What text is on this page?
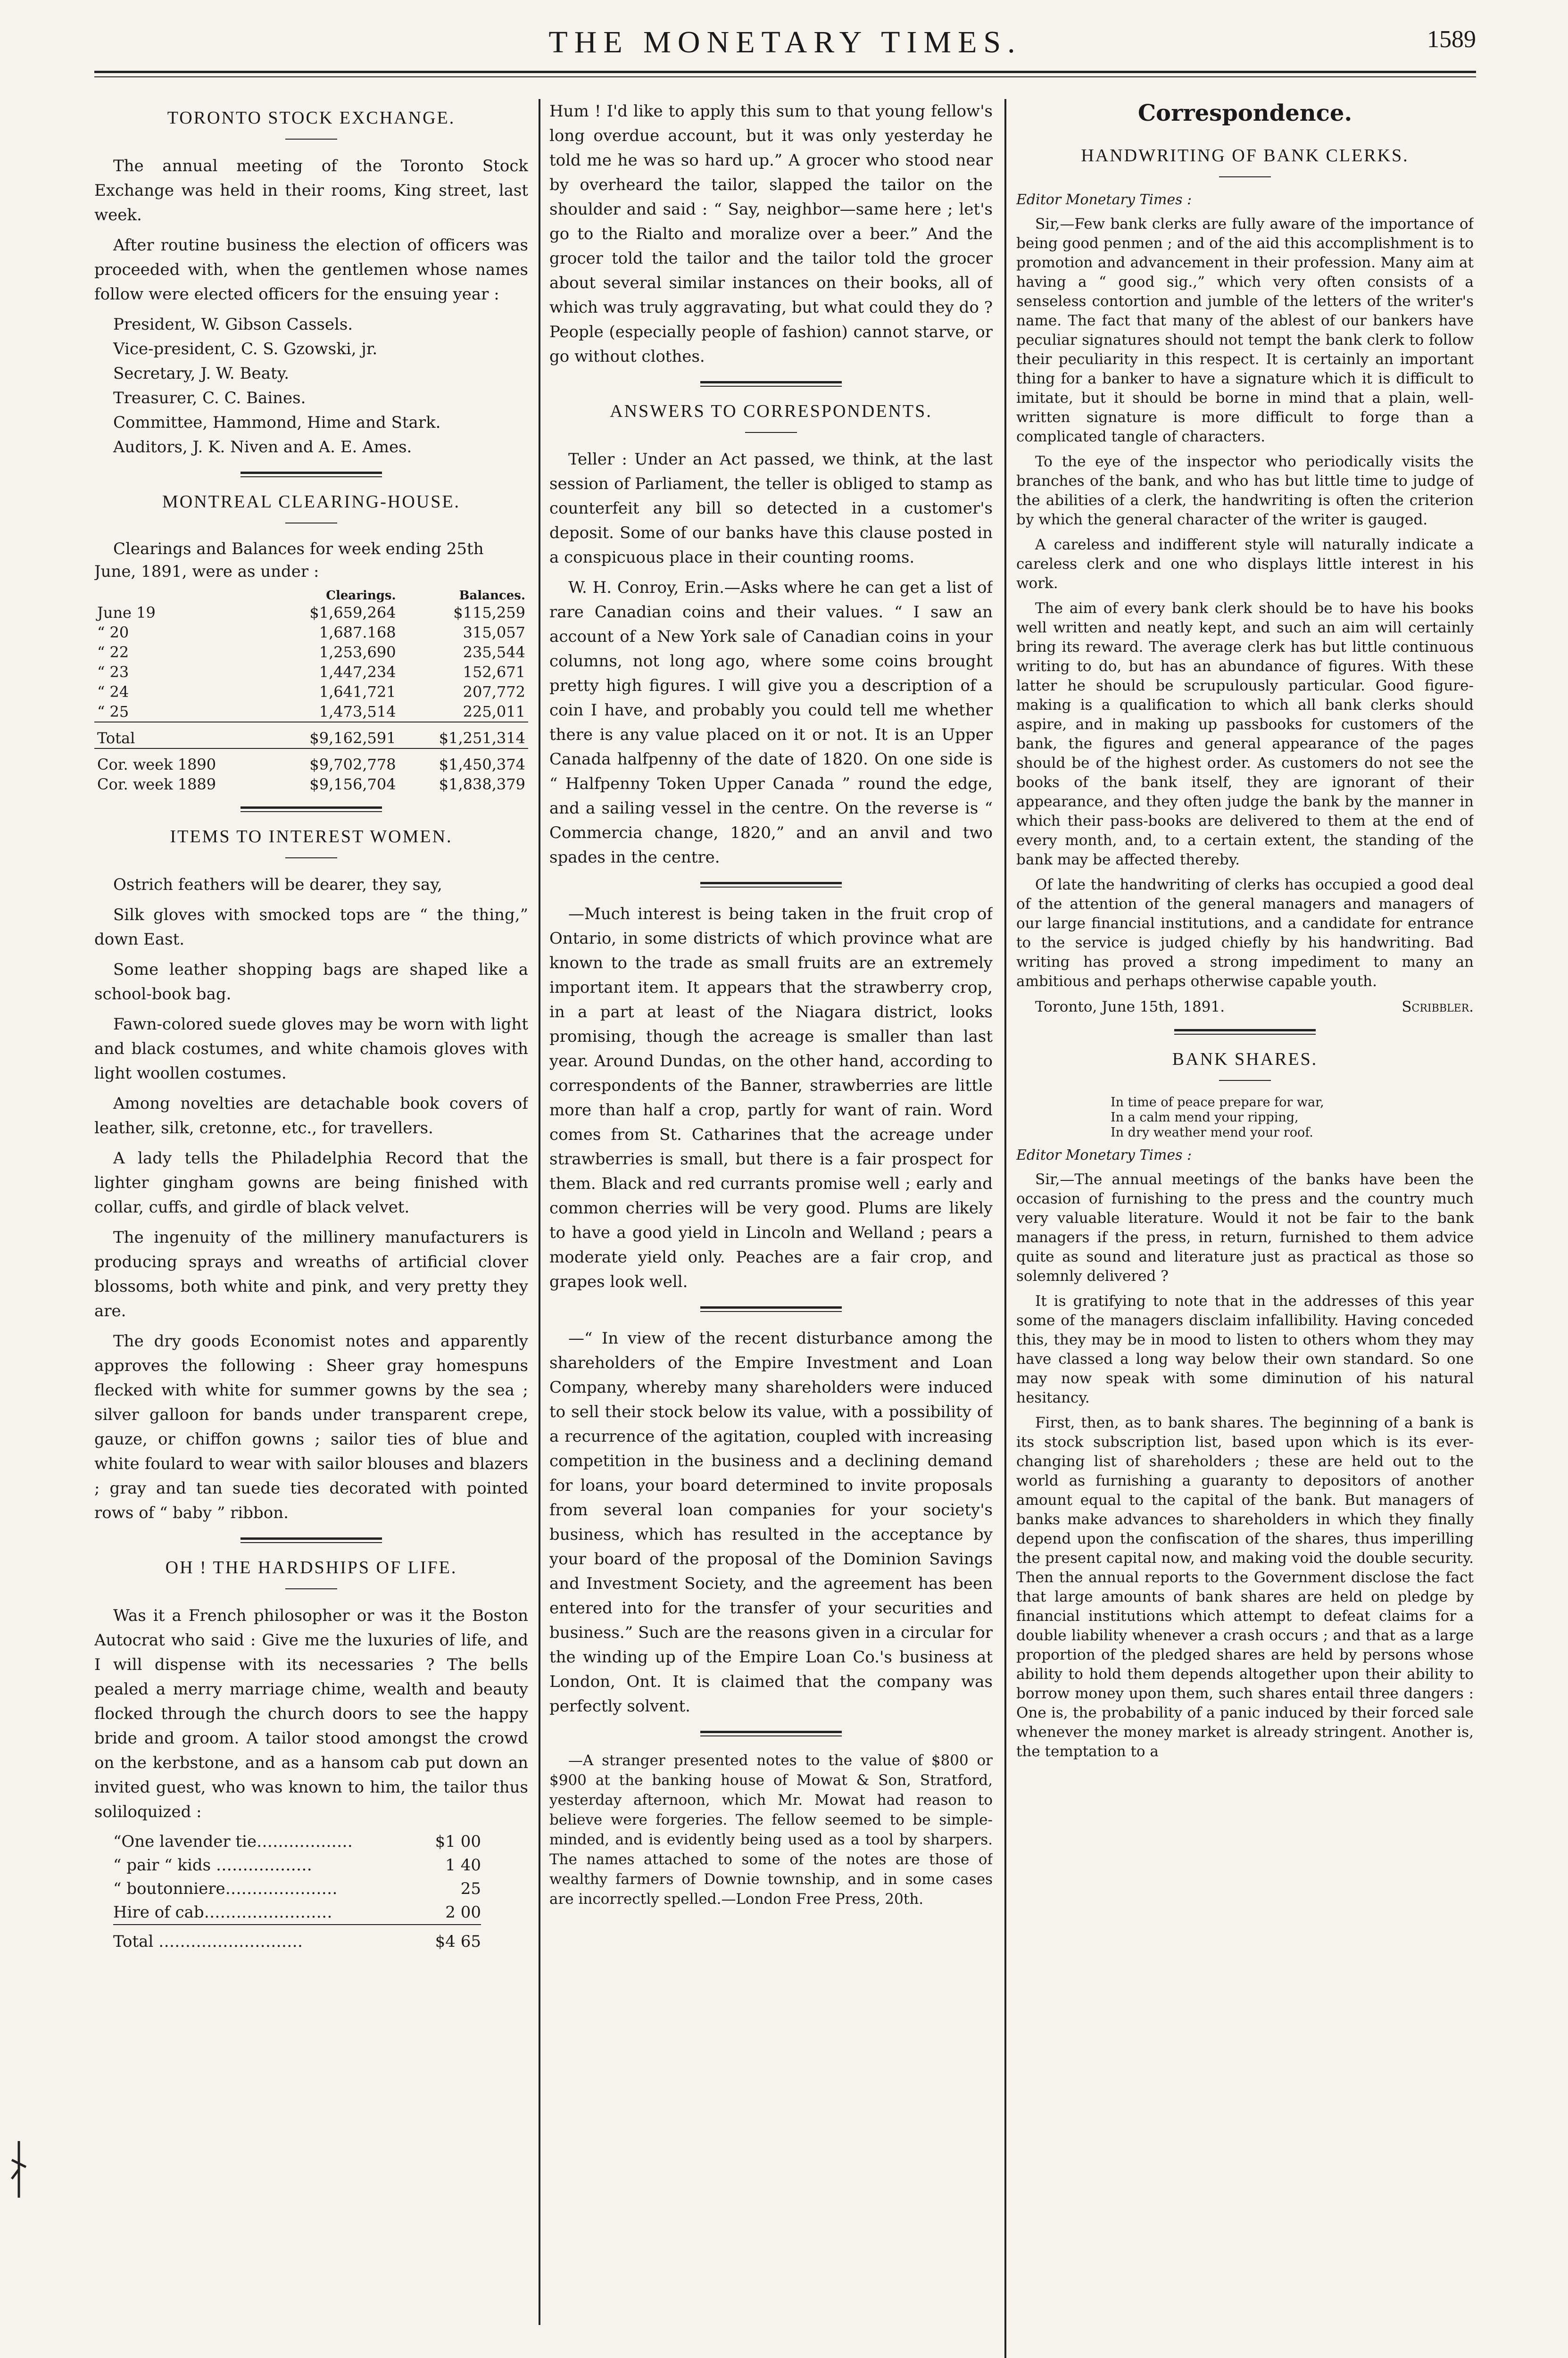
THE MONETARY TIMES.	1589
TORONTO STOCK EXCHANGE.

The annual meeting of the Toronto Stock Exchange was held in their rooms, King street, last week.

After routine business the election of officers was proceeded with, when the gentlemen whose names follow were elected officers for the ensuing year :

President, W. Gibson Cassels.
Vice-president, C. S. Gzowski, jr.
Secretary, J. W. Beaty.
Treasurer, C. C. Baines.
Committee, Hammond, Hime and Stark.
Auditors, J. K. Niven and A. E. Ames.
MONTREAL CLEARING-HOUSE.
Clearings and Balances for week ending 25th June, 1891, were as under :
	Clearings.	Balances.
June 19	$1,659,264	$115,259
“ 20	1,687.168	315,057
“ 22	1,253,690	235,544
“ 23	1,447,234	152,671
“ 24	1,641,721	207,772
“ 25	1,473,514	225,011
Total	$9,162,591	$1,251,314
Cor. week 1890	$9,702,778	$1,450,374
Cor. week 1889	$9,156,704	$1,838,379
ITEMS TO INTEREST WOMEN.

Ostrich feathers will be dearer, they say,

Silk gloves with smocked tops are “ the thing,” down East.

Some leather shopping bags are shaped like a school-book bag.

Fawn-colored suede gloves may be worn with light and black costumes, and white chamois gloves with light woollen costumes.

Among novelties are detachable book covers of leather, silk, cretonne, etc., for travellers.

A lady tells the Philadelphia Record that the lighter gingham gowns are being finished with collar, cuffs, and girdle of black velvet.

The ingenuity of the millinery manufacturers is producing sprays and wreaths of artificial clover blossoms, both white and pink, and very pretty they are.

The dry goods Economist notes and apparently approves the following : Sheer gray homespuns flecked with white for summer gowns by the sea ; silver galloon for bands under transparent crepe, gauze, or chiffon gowns ; sailor ties of blue and white foulard to wear with sailor blouses and blazers ; gray and tan suede ties decorated with pointed rows of “ baby ” ribbon.

OH ! THE HARDSHIPS OF LIFE.

Was it a French philosopher or was it the Boston Autocrat who said : Give me the luxuries of life, and I will dispense with its necessaries ? The bells pealed a merry marriage chime, wealth and beauty flocked through the church doors to see the happy bride and groom. A tailor stood amongst the crowd on the kerbstone, and as a hansom cab put down an invited guest, who was known to him, the tailor thus soliloquized :

“One lavender tie………………	$1 00
“ pair “ kids ………………	1 40
“ boutonniere…………………	25
Hire of cab……………………	2 00
Total ………………………	$4 65

Hum ! I'd like to apply this sum to that young fellow's long overdue account, but it was only yesterday he told me he was so hard up.” A grocer who stood near by overheard the tailor, slapped the tailor on the shoulder and said : “ Say, neighbor—same here ; let's go to the Rialto and moralize over a beer.” And the grocer told the tailor and the tailor told the grocer about several similar instances on their books, all of which was truly aggravating, but what could they do ? People (especially people of fashion) cannot starve, or go without clothes.

ANSWERS TO CORRESPONDENTS.

Teller : Under an Act passed, we think, at the last session of Parliament, the teller is obliged to stamp as counterfeit any bill so detected in a customer's deposit. Some of our banks have this clause posted in a conspicuous place in their counting rooms.

W. H. Conroy, Erin.—Asks where he can get a list of rare Canadian coins and their values. “ I saw an account of a New York sale of Canadian coins in your columns, not long ago, where some coins brought pretty high figures. I will give you a description of a coin I have, and probably you could tell me whether there is any value placed on it or not. It is an Upper Canada halfpenny of the date of 1820. On one side is “ Halfpenny Token Upper Canada ” round the edge, and a sailing vessel in the centre. On the reverse is “ Commercia change, 1820,” and an anvil and two spades in the centre.

—Much interest is being taken in the fruit crop of Ontario, in some districts of which province what are known to the trade as small fruits are an extremely important item. It appears that the strawberry crop, in a part at least of the Niagara district, looks promising, though the acreage is smaller than last year. Around Dundas, on the other hand, according to correspondents of the Banner, strawberries are little more than half a crop, partly for want of rain. Word comes from St. Catharines that the acreage under strawberries is small, but there is a fair prospect for them. Black and red currants promise well ; early and common cherries will be very good. Plums are likely to have a good yield in Lincoln and Welland ; pears a moderate yield only. Peaches are a fair crop, and grapes look well.

—“ In view of the recent disturbance among the shareholders of the Empire Investment and Loan Company, whereby many shareholders were induced to sell their stock below its value, with a possibility of a recurrence of the agitation, coupled with increasing competition in the business and a declining demand for loans, your board determined to invite proposals from several loan companies for your society's business, which has resulted in the acceptance by your board of the proposal of the Dominion Savings and Investment Society, and the agreement has been entered into for the transfer of your securities and business.” Such are the reasons given in a circular for the winding up of the Empire Loan Co.'s business at London, Ont. It is claimed that the company was perfectly solvent.

—A stranger presented notes to the value of $800 or $900 at the banking house of Mowat & Son, Stratford, yesterday afternoon, which Mr. Mowat had reason to believe were forgeries. The fellow seemed to be simple-minded, and is evidently being used as a tool by sharpers. The names attached to some of the notes are those of wealthy farmers of Downie township, and in some cases are incorrectly spelled.—London Free Press, 20th.

Correspondence.
HANDWRITING OF BANK CLERKS.
Editor Monetary Times :

Sir,—Few bank clerks are fully aware of the importance of being good penmen ; and of the aid this accomplishment is to promotion and advancement in their profession. Many aim at having a “ good sig.,” which very often consists of a senseless contortion and jumble of the letters of the writer's name. The fact that many of the ablest of our bankers have peculiar signatures should not tempt the bank clerk to follow their peculiarity in this respect. It is certainly an important thing for a banker to have a signature which it is difficult to imitate, but it should be borne in mind that a plain, well-written signature is more difficult to forge than a complicated tangle of characters.

To the eye of the inspector who periodically visits the branches of the bank, and who has but little time to judge of the abilities of a clerk, the handwriting is often the criterion by which the general character of the writer is gauged.

A careless and indifferent style will naturally indicate a careless clerk and one who displays little interest in his work.

The aim of every bank clerk should be to have his books well written and neatly kept, and such an aim will certainly bring its reward. The average clerk has but little continuous writing to do, but has an abundance of figures. With these latter he should be scrupulously particular. Good figure-making is a qualification to which all bank clerks should aspire, and in making up passbooks for customers of the bank, the figures and general appearance of the pages should be of the highest order. As customers do not see the books of the bank itself, they are ignorant of their appearance, and they often judge the bank by the manner in which their pass-books are delivered to them at the end of every month, and, to a certain extent, the standing of the bank may be affected thereby.

Of late the handwriting of clerks has occupied a good deal of the attention of the general managers and managers of our large financial institutions, and a candidate for entrance to the service is judged chiefly by his handwriting. Bad writing has proved a strong impediment to many an ambitious and perhaps otherwise capable youth.

Toronto, June 15th, 1891.	Scribbler.
BANK SHARES.
In time of peace prepare for war,
In a calm mend your ripping,
In dry weather mend your roof.
Editor Monetary Times :

Sir,—The annual meetings of the banks have been the occasion of furnishing to the press and the country much very valuable literature. Would it not be fair to the bank managers if the press, in return, furnished to them advice quite as sound and literature just as practical as those so solemnly delivered ?

It is gratifying to note that in the addresses of this year some of the managers disclaim infallibility. Having conceded this, they may be in mood to listen to others whom they may have classed a long way below their own standard. So one may now speak with some diminution of his natural hesitancy.

First, then, as to bank shares. The beginning of a bank is its stock subscription list, based upon which is its ever-changing list of shareholders ; these are held out to the world as furnishing a guaranty to depositors of another amount equal to the capital of the bank. But managers of banks make advances to shareholders in which they finally depend upon the confiscation of the shares, thus imperilling the present capital now, and making void the double security. Then the annual reports to the Government disclose the fact that large amounts of bank shares are held on pledge by financial institutions which attempt to defeat claims for a double liability whenever a crash occurs ; and that as a large proportion of the pledged shares are held by persons whose ability to hold them depends altogether upon their ability to borrow money upon them, such shares entail three dangers : One is, the probability of a panic induced by their forced sale whenever the money market is already stringent. Another is, the temptation to a
